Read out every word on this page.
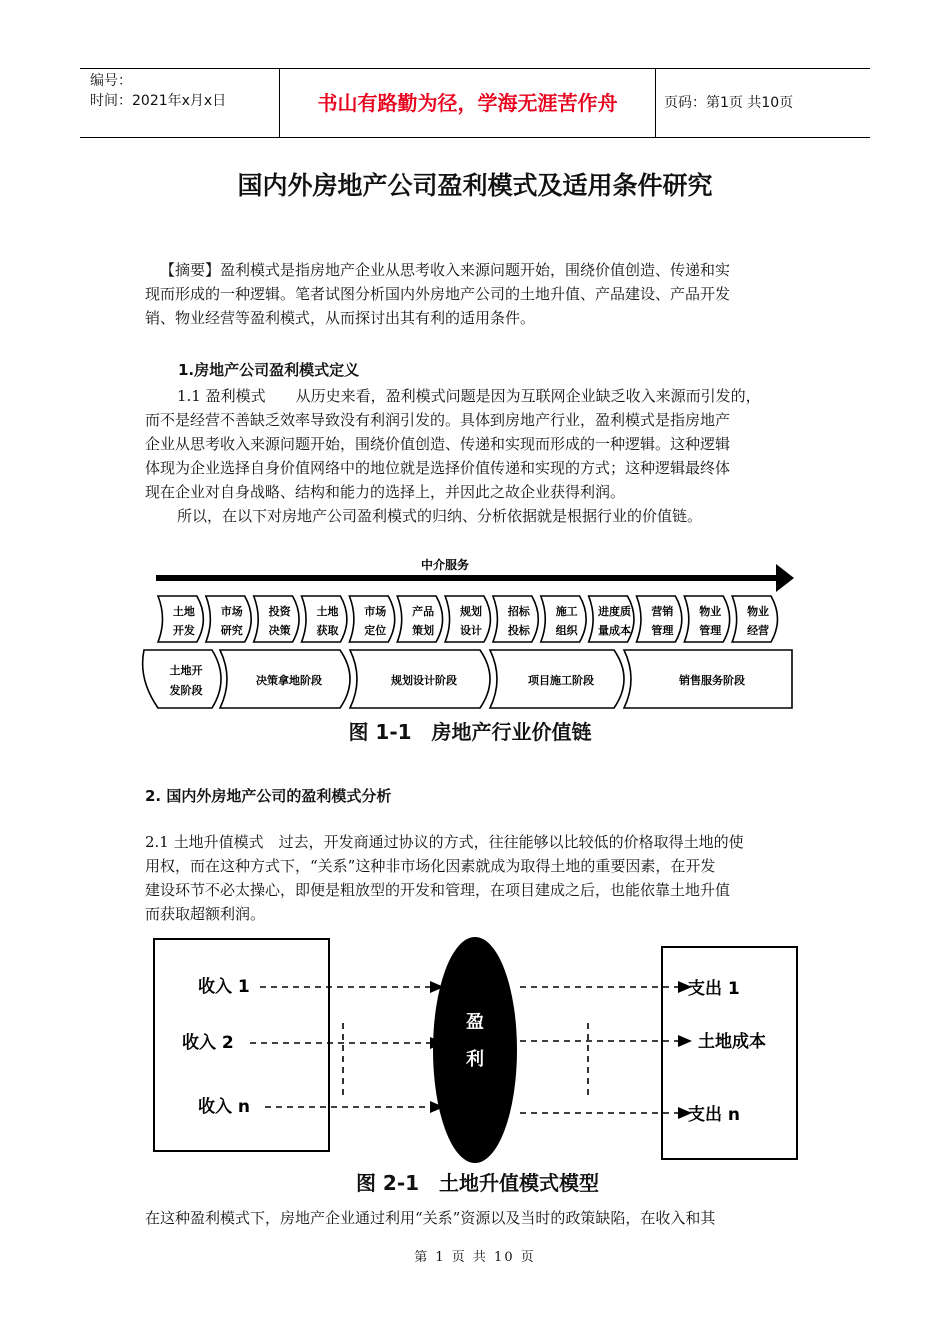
编号：
时间：2021年x月x日	书山有路勤为径，学海无涯苦作舟	页码：第1页 共10页
国内外房地产公司盈利模式及适用条件研究
【摘要】盈利模式是指房地产企业从思考收入来源问题开始，围绕价值创造、传递和实
现而形成的一种逻辑。笔者试图分析国内外房地产公司的土地升值、产品建设、产品开发
销、物业经营等盈利模式，从而探讨出其有利的适用条件。
1.房地产公司盈利模式定义
1.1 盈利模式　　从历史来看，盈利模式问题是因为互联网企业缺乏收入来源而引发的，
而不是经营不善缺乏效率导致没有利润引发的。具体到房地产行业，盈利模式是指房地产
企业从思考收入来源问题开始，围绕价值创造、传递和实现而形成的一种逻辑。这种逻辑
体现为企业选择自身价值网络中的地位就是选择价值传递和实现的方式；这种逻辑最终体
现在企业对自身战略、结构和能力的选择上，并因此之故企业获得利润。
所以，在以下对房地产公司盈利模式的归纳、分析依据就是根据行业的价值链。
中介服务
土地
开发
市场
研究
投资
决策
土地
获取
市场
定位
产品
策划
规划
设计
招标
投标
施工
组织
进度质
量成本
营销
管理
物业
管理
物业
经营
土地开
发阶段
决策拿地阶段	规划设计阶段	项目施工阶段	销售服务阶段
图 1-1　房地产行业价值链
2. 国内外房地产公司的盈利模式分析
2.1 土地升值模式　过去，开发商通过协议的方式，往往能够以比较低的价格取得土地的使
用权，而在这种方式下，“关系”这种非市场化因素就成为取得土地的重要因素，在开发
建设环节不必太操心，即便是粗放型的开发和管理，在项目建成之后，也能依靠土地升值
而获取超额利润。
收入 1
收入 2
收入 n
盈
利
支出 1
土地成本
支出 n
图 2-1　土地升值模式模型
在这种盈利模式下，房地产企业通过利用“关系”资源以及当时的政策缺陷，在收入和其
第 1 页 共 10 页
